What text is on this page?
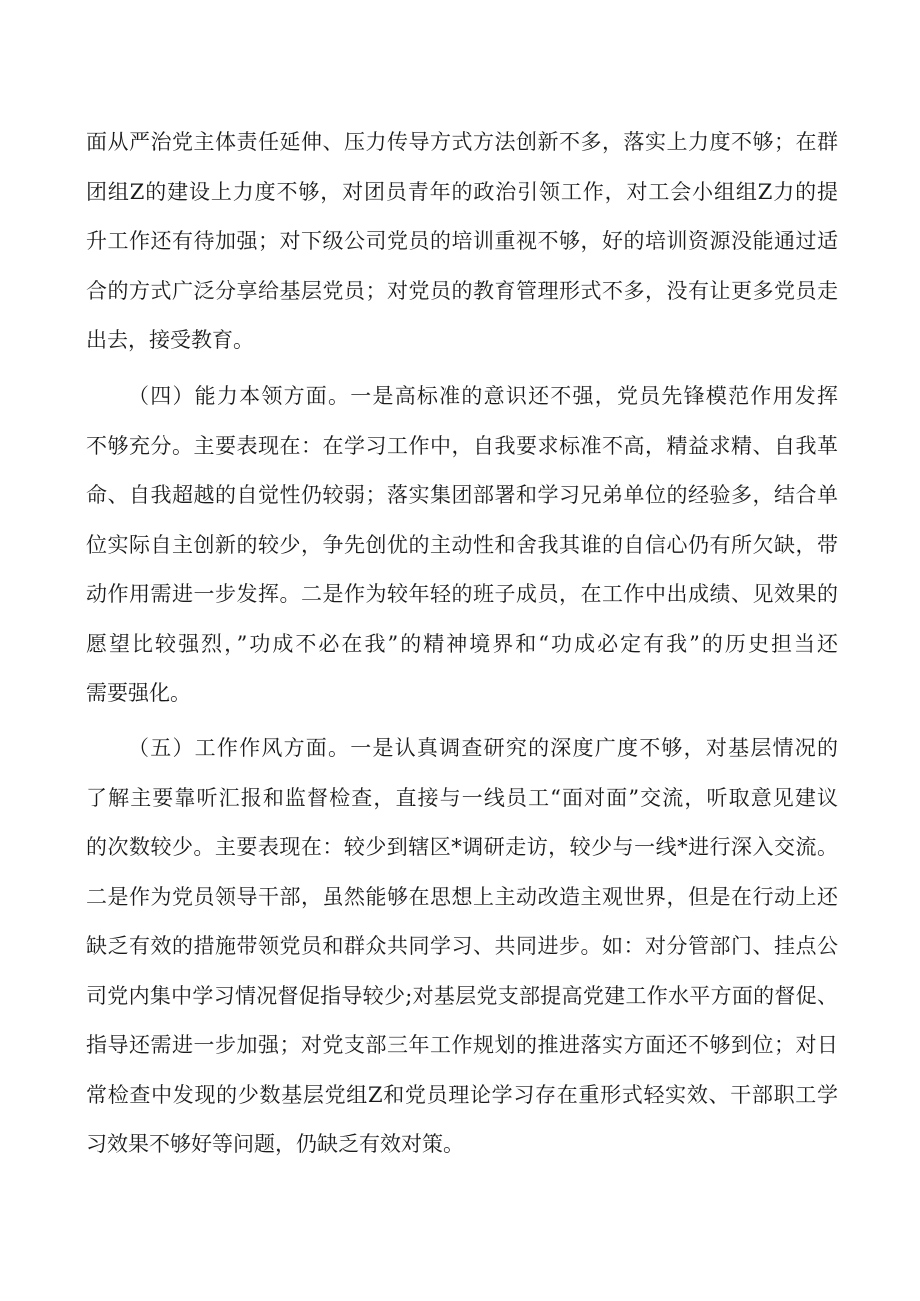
面从严治党主体责任延伸、压力传导方式方法创新不多，落实上力度不够；在群
团组Z的建设上力度不够，对团员青年的政治引领工作，对工会小组组Z力的提
升工作还有待加强；对下级公司党员的培训重视不够，好的培训资源没能通过适
合的方式广泛分享给基层党员；对党员的教育管理形式不多，没有让更多党员走
出去，接受教育。
（四）能力本领方面。一是高标准的意识还不强，党员先锋模范作用发挥
不够充分。主要表现在：在学习工作中，自我要求标准不高，精益求精、自我革
命、自我超越的自觉性仍较弱；落实集团部署和学习兄弟单位的经验多，结合单
位实际自主创新的较少，争先创优的主动性和舍我其谁的自信心仍有所欠缺，带
动作用需进一步发挥。二是作为较年轻的班子成员，在工作中出成绩、见效果的
愿望比较强烈，”功成不必在我”的精神境界和“功成必定有我”的历史担当还
需要强化。
（五）工作作风方面。一是认真调查研究的深度广度不够，对基层情况的
了解主要靠听汇报和监督检查，直接与一线员工“面对面”交流，听取意见建议
的次数较少。主要表现在：较少到辖区*调研走访，较少与一线*进行深入交流。
二是作为党员领导干部，虽然能够在思想上主动改造主观世界，但是在行动上还
缺乏有效的措施带领党员和群众共同学习、共同进步。如：对分管部门、挂点公
司党内集中学习情况督促指导较少;对基层党支部提高党建工作水平方面的督促、
指导还需进一步加强；对党支部三年工作规划的推进落实方面还不够到位；对日
常检查中发现的少数基层党组Z和党员理论学习存在重形式轻实效、干部职工学
习效果不够好等问题，仍缺乏有效对策。
